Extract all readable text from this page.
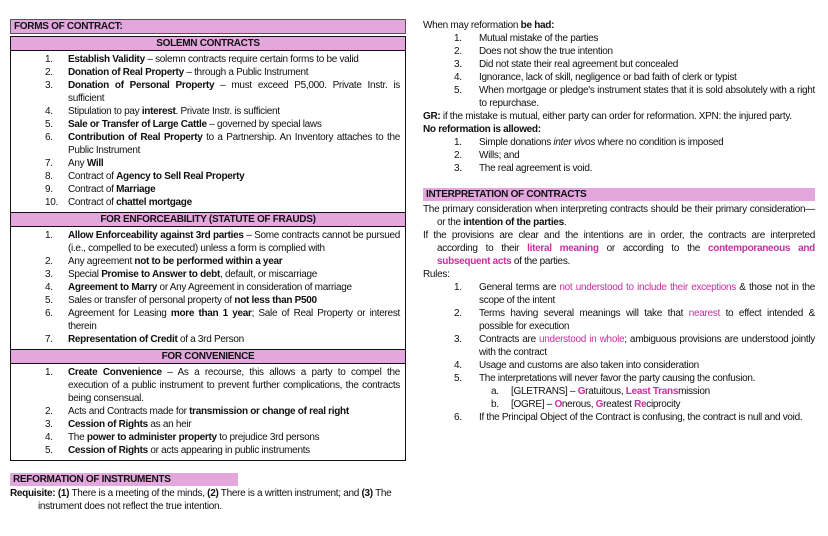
FORMS OF CONTRACT:
SOLEMN CONTRACTS
1.	Establish Validity – solemn contracts require certain forms to be valid
2.	Donation of Real Property – through a Public Instrument
3.	Donation of Personal Property – must exceed P5,000. Private Instr. is sufficient
4.	Stipulation to pay interest. Private Instr. is sufficient
5.	Sale or Transfer of Large Cattle – governed by special laws
6.	Contribution of Real Property to a Partnership. An Inventory attaches to the Public Instrument
7.	Any Will
8.	Contract of Agency to Sell Real Property
9.	Contract of Marriage
10. Contract of chattel mortgage
FOR ENFORCEABILITY (STATUTE OF FRAUDS)
1.	Allow Enforceability against 3rd parties – Some contracts cannot be pursued (i.e., compelled to be executed) unless a form is complied with
2.	Any agreement not to be performed within a year
3.	Special Promise to Answer to debt, default, or miscarriage
4.	Agreement to Marry or Any Agreement in consideration of marriage
5.	Sales or transfer of personal property of not less than P500
6.	Agreement for Leasing more than 1 year; Sale of Real Property or interest therein
7.	Representation of Credit of a 3rd Person
FOR CONVENIENCE
1.	Create Convenience – As a recourse, this allows a party to compel the execution of a public instrument to prevent further complications, the contracts being consensual.
2.	Acts and Contracts made for transmission or change of real right
3.	Cession of Rights as an heir
4.	The power to administer property to prejudice 3rd persons
5.	Cession of Rights or acts appearing in public instruments
REFORMATION OF INSTRUMENTS

Requisite: (1) There is a meeting of the minds, (2) There is a written instrument; and (3) The instrument does not reflect the true intention.

When may reformation be had:

1.	Mutual mistake of the parties
2.	Does not show the true intention
3.	Did not state their real agreement but concealed
4.	Ignorance, lack of skill, negligence or bad faith of clerk or typist
5.	When mortgage or pledge's instrument states that it is sold absolutely with a right to repurchase.

GR: if the mistake is mutual, either party can order for reformation. XPN: the injured party.

No reformation is allowed:

1.	Simple donations inter vivos where no condition is imposed
2.	Wills; and
3.	The real agreement is void.
INTERPRETATION OF CONTRACTS

The primary consideration when interpreting contracts should be their primary consideration—or the intention of the parties.

If the provisions are clear and the intentions are in order, the contracts are interpreted according to their literal meaning or according to the contemporaneous and subsequent acts of the parties.

Rules:

1.	General terms are not understood to include their exceptions & those not in the scope of the intent
2.	Terms having several meanings will take that nearest to effect intended & possible for execution
3.	Contracts are understood in whole; ambiguous provisions are understood jointly with the contract
4.	Usage and customs are also taken into consideration
5.	The interpretations will never favor the party causing the confusion.
a.	[GLETRANS] – Gratuitous, Least Transmission
b.	[OGRE] – Onerous, Greatest Reciprocity
6.	If the Principal Object of the Contract is confusing, the contract is null and void.
